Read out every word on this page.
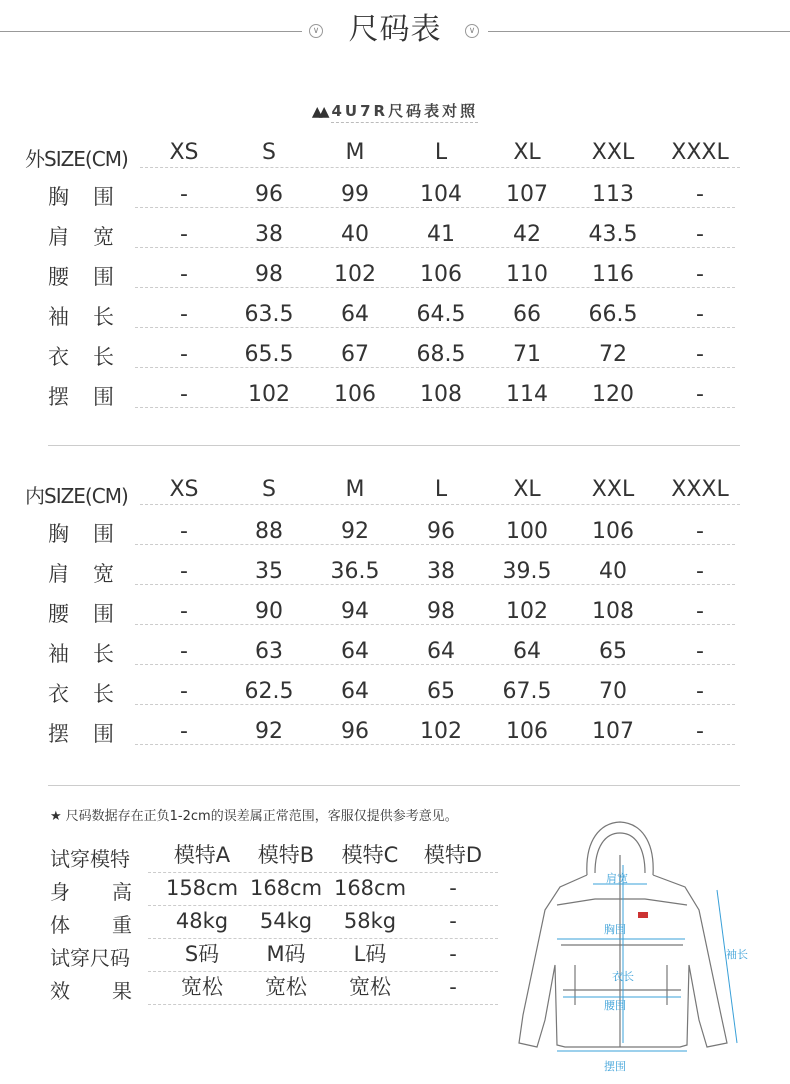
∨ 尺码表	∨
▲▲ 4U7R尺码表对照
外SIZE(CM)	XS	S	M	L	XL	XXL	XXXL
胸 围	-	96	99	104	107	113	-
肩 宽	-	38	40	41	42	43.5	-
腰 围	-	98	102	106	110	116	-
袖 长	-	63.5	64	64.5	66	66.5	-
衣 长	-	65.5	67	68.5	71	72	-
摆 围	-	102	106	108	114	120	-
内SIZE(CM)	XS	S	M	L	XL	XXL	XXXL
胸 围	-	88	92	96	100	106	-
肩 宽	-	35	36.5	38	39.5	40	-
腰 围	-	90	94	98	102	108	-
袖 长	-	63	64	64	64	65	-
衣 长	-	62.5	64	65	67.5	70	-
摆 围	-	92	96	102	106	107	-
★ 尺码数据存在正负1-2cm的误差属正常范围，客服仅提供参考意见。
试穿模特	模特A	模特B	模特C	模特D
身 高 158cm 168cm 168cm	-
体 重	48kg	54kg	58kg	-
试穿尺码	S码	M码	L码	-
效 果	宽松	宽松	宽松	-
肩宽
胸围
袖长
衣长
腰围
摆围
